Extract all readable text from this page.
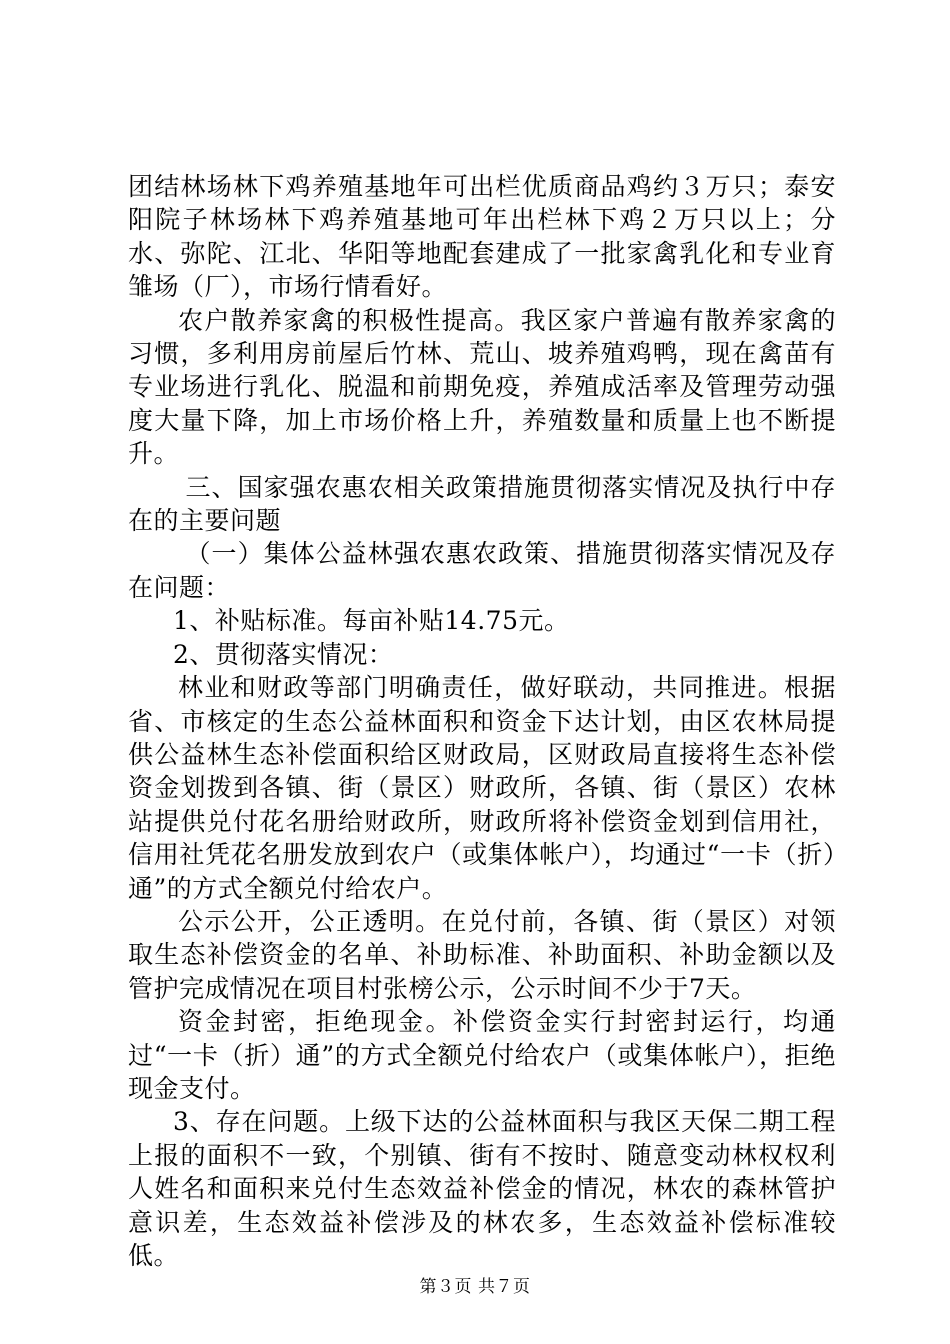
团结林场林下鸡养殖基地年可出栏优质商品鸡约３万只；泰安阳院子林场林下鸡养殖基地可年出栏林下鸡２万只以上；分水、弥陀、江北、华阳等地配套建成了一批家禽乳化和专业育雏场（厂），市场行情看好。

农户散养家禽的积极性提高。我区家户普遍有散养家禽的习惯，多利用房前屋后竹林、荒山、坡养殖鸡鸭，现在禽苗有专业场进行乳化、脱温和前期免疫，养殖成活率及管理劳动强度大量下降，加上市场价格上升，养殖数量和质量上也不断提升。

三、国家强农惠农相关政策措施贯彻落实情况及执行中存在的主要问题

（一）集体公益林强农惠农政策、措施贯彻落实情况及存在问题：

1、补贴标准。每亩补贴14.75元。

2、贯彻落实情况：

林业和财政等部门明确责任，做好联动，共同推进。根据省、市核定的生态公益林面积和资金下达计划，由区农林局提供公益林生态补偿面积给区财政局，区财政局直接将生态补偿资金划拨到各镇、街（景区）财政所，各镇、街（景区）农林站提供兑付花名册给财政所，财政所将补偿资金划到信用社，信用社凭花名册发放到农户（或集体帐户），均通过“一卡（折）通”的方式全额兑付给农户。

公示公开，公正透明。在兑付前，各镇、街（景区）对领取生态补偿资金的名单、补助标准、补助面积、补助金额以及管护完成情况在项目村张榜公示，公示时间不少于7天。

资金封密，拒绝现金。补偿资金实行封密封运行，均通过“一卡（折）通”的方式全额兑付给农户（或集体帐户），拒绝现金支付。

3、存在问题。上级下达的公益林面积与我区天保二期工程上报的面积不一致，个别镇、街有不按时、随意变动林权权利人姓名和面积来兑付生态效益补偿金的情况，林农的森林管护意识差，生态效益补偿涉及的林农多，生态效益补偿标准较低。

第３页 共７页
